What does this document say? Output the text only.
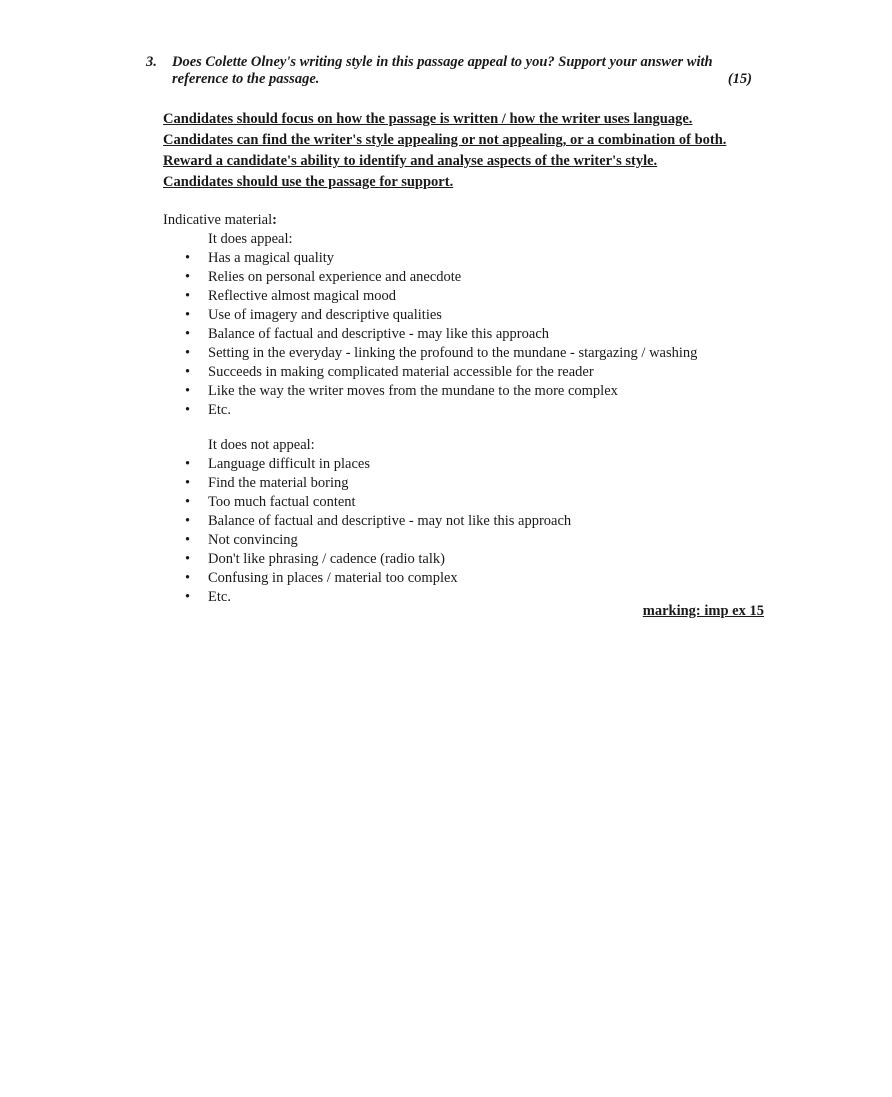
3. Does Colette Olney's writing style in this passage appeal to you? Support your answer with
reference to the passage.	(15)
Candidates should focus on how the passage is written / how the writer uses language.
Candidates can find the writer's style appealing or not appealing, or a combination of both.
Reward a candidate's ability to identify and analyse aspects of the writer's style.
Candidates should use the passage for support.
Indicative material:
It does appeal:
• Has a magical quality
• Relies on personal experience and anecdote
• Reflective almost magical mood
• Use of imagery and descriptive qualities
• Balance of factual and descriptive - may like this approach
• Setting in the everyday - linking the profound to the mundane - stargazing / washing
• Succeeds in making complicated material accessible for the reader
• Like the way the writer moves from the mundane to the more complex
• Etc.
It does not appeal:
• Language difficult in places
• Find the material boring
• Too much factual content
• Balance of factual and descriptive - may not like this approach
• Not convincing
• Don't like phrasing / cadence (radio talk)
• Confusing in places / material too complex
• Etc.
marking: imp ex 15
